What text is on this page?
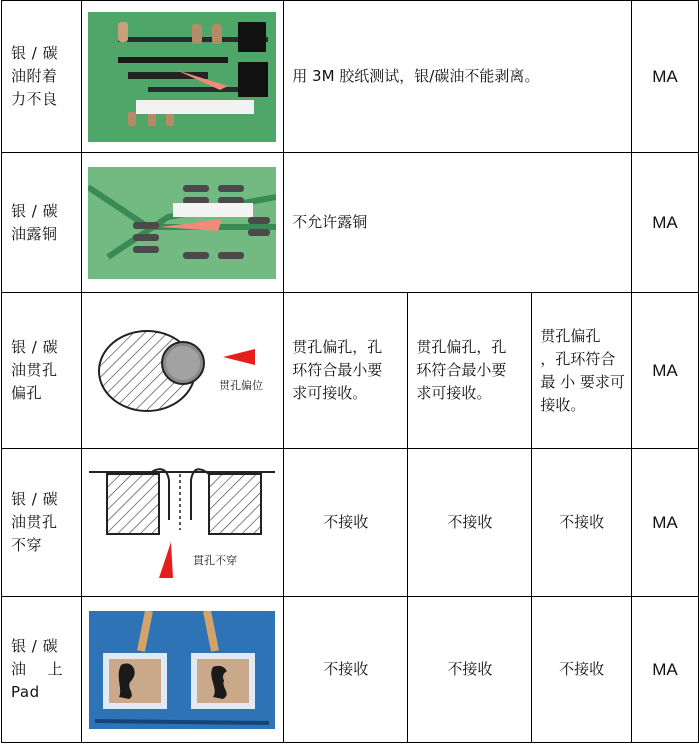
银 / 碳
油附着
力不良		用 3M 胶纸测试，银/碳油不能剥离。			MA

银 / 碳
油露铜		不允许露铜			MA

银 / 碳
油贯孔
偏孔	贯孔偏位	贯孔偏孔，孔
环符合最小要
求可接收。	贯孔偏孔，孔
环符合最小要
求可接收。	贯孔偏孔
，孔环符合
最 小 要求可
接收。	MA

银 / 碳
油贯孔
不穿	貫孔不穿	不接收	不接收	不接收	MA

银 / 碳
油    上
Pad		不接收	不接收	不接收	MA
